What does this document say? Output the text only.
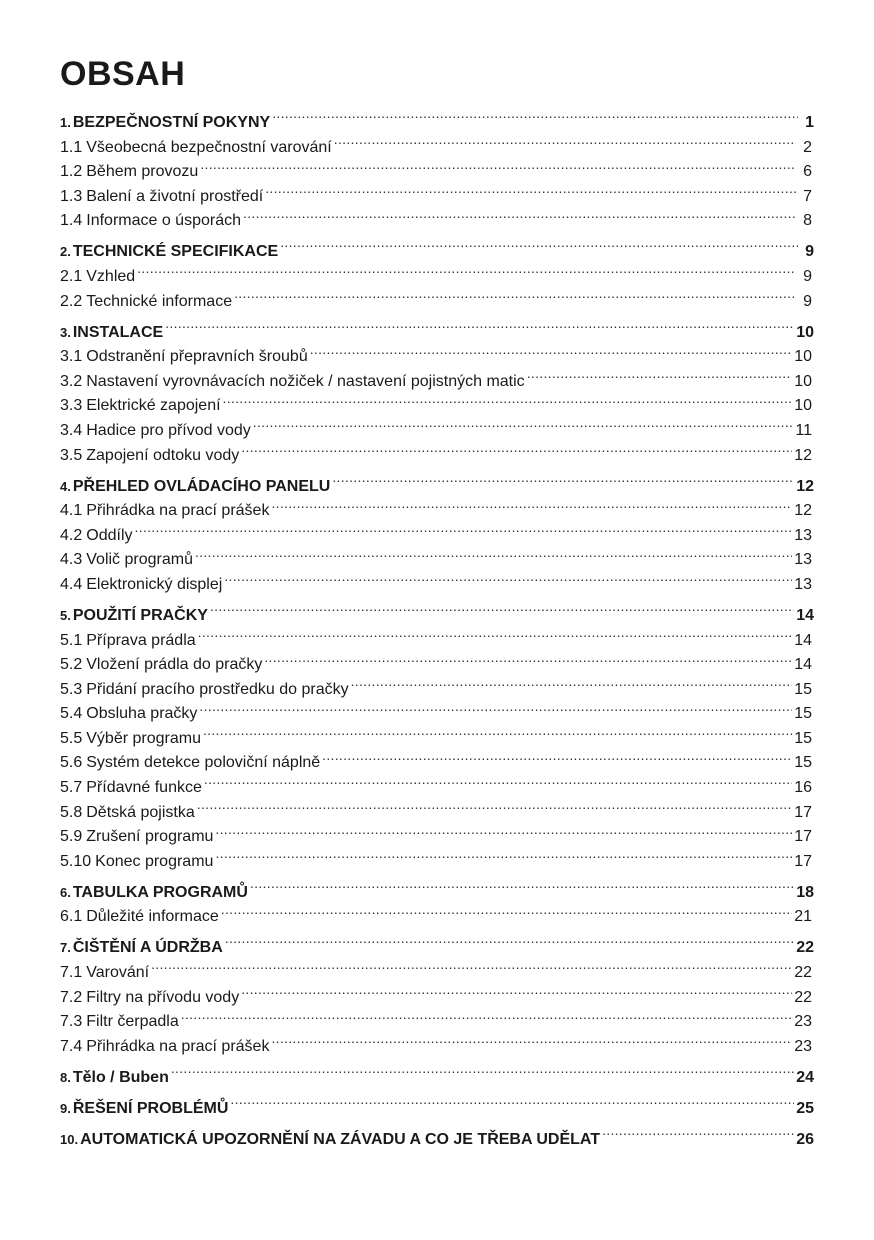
OBSAH
1. BEZPEČNOSTNÍ POKYNY .....	1
1.1 Všeobecná bezpečnostní varování .....	2
1.2 Během provozu .....	6
1.3 Balení a životní prostředí .....	7
1.4 Informace o úsporách .....	8
2. TECHNICKÉ SPECIFIKACE .....	9
2.1 Vzhled .....	9
2.2 Technické informace .....	9
3. INSTALACE .....	10
3.1 Odstranění přepravních šroubů .....	10
3.2 Nastavení vyrovnávacích nožiček / nastavení pojistných matic .....	10
3.3 Elektrické zapojení .....	10
3.4 Hadice pro přívod vody .....	11
3.5 Zapojení odtoku vody .....	12
4. PŘEHLED OVLÁDACÍHO PANELU .....	12
4.1 Přihrádka na prací prášek .....	12
4.2 Oddíly .....	13
4.3 Volič programů .....	13
4.4 Elektronický displej .....	13
5. POUŽITÍ PRAČKY .....	14
5.1 Příprava prádla .....	14
5.2 Vložení prádla do pračky .....	14
5.3 Přidání pracího prostředku do pračky .....	15
5.4 Obsluha pračky .....	15
5.5 Výběr programu .....	15
5.6 Systém detekce poloviční náplně .....	15
5.7 Přídavné funkce .....	16
5.8 Dětská pojistka .....	17
5.9 Zrušení programu .....	17
5.10 Konec programu .....	17
6. TABULKA PROGRAMŮ .....	18
6.1 Důležité informace .....	21
7. ČIŠTĚNÍ A ÚDRŽBA .....	22
7.1 Varování .....	22
7.2 Filtry na přívodu vody .....	22
7.3 Filtr čerpadla .....	23
7.4 Přihrádka na prací prášek .....	23
8. Tělo / Buben .....	24
9. ŘEŠENÍ PROBLÉMŮ .....	25
10. AUTOMATICKÁ UPOZORNĚNÍ NA ZÁVADU A CO JE TŘEBA UDĚLAT .....	26
